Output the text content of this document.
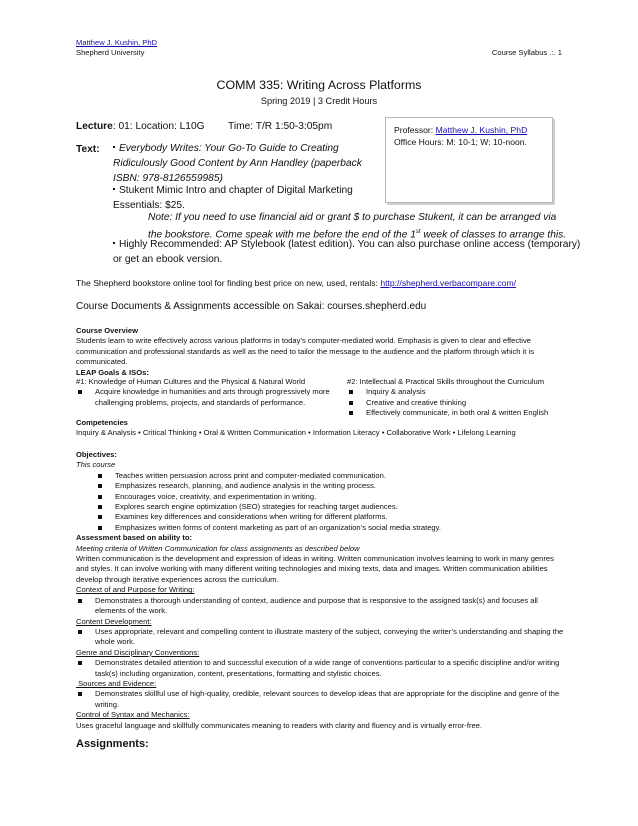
Matthew J. Kushin, PhD
Shepherd University	Course Syllabus .:. 1
COMM 335: Writing Across Platforms
Spring 2019 | 3 Credit Hours
Lecture: 01: Location: L10G Time: T/R 1:50-3:05pm	Professor: Matthew J. Kushin, PhD
Office Hours: M: 10-1; W: 10-noon.
Text:	Everybody Writes: Your Go-To Guide to Creating Ridiculously Good Content by Ann Handley (paperback ISBN: 978-8126559985)
Stukent Mimic Intro and chapter of Digital Marketing Essentials: $25.
Note: If you need to use financial aid or grant $ to purchase Stukent, it can be arranged via the bookstore. Come speak with me before the end of the 1st week of classes to arrange this.
Highly Recommended: AP Stylebook (latest edition). You can also purchase online access (temporary) or get an ebook version.
The Shepherd bookstore online tool for finding best price on new, used, rentals: http://shepherd.verbacompare.com/
Course Documents & Assignments accessible on Sakai: courses.shepherd.edu
Course Overview
Students learn to write effectively across various platforms in today’s computer-mediated world. Emphasis is given to clear and effective communication and professional standards as well as the need to tailor the message to the audience and the platform through which it is communicated.
LEAP Goals & ISOs:
#1: Knowledge of Human Cultures and the Physical & Natural World
Acquire knowledge in humanities and arts through progressively more challenging problems, projects, and standards of performance.
#2: Intellectual & Practical Skills throughout the Curriculum
Inquiry & analysis
Creative and creative thinking
Effectively communicate, in both oral & written English
Competencies
Inquiry & Analysis • Critical Thinking • Oral & Written Communication • Information Literacy • Collaborative Work • Lifelong Learning
Objectives:
This course
Teaches written persuasion across print and computer-mediated communication.
Emphasizes research, planning, and audience analysis in the writing process.
Encourages voice, creativity, and experimentation in writing.
Explores search engine optimization (SEO) strategies for reaching target audiences.
Examines key differences and considerations when writing for different platforms.
Emphasizes written forms of content marketing as part of an organization’s social media strategy.
Assessment based on ability to:
Meeting criteria of Written Communication for class assignments as described below
Written communication is the development and expression of ideas in writing. Written communication involves learning to work in many genres and styles. It can involve working with many different writing technologies and mixing texts, data and images. Written communication abilities develop through iterative experiences across the curriculum.
Context of and Purpose for Writing:
Demonstrates a thorough understanding of context, audience and purpose that is responsive to the assigned task(s) and focuses all elements of the work.
Content Development:
Uses appropriate, relevant and compelling content to illustrate mastery of the subject, conveying the writer’s understanding and shaping the whole work.
Genre and Disciplinary Conventions:
Demonstrates detailed attention to and successful execution of a wide range of conventions particular to a specific discipline and/or writing task(s) including organization, content, presentations, formatting and stylistic choices.
Sources and Evidence:
Demonstrates skillful use of high-quality, credible, relevant sources to develop ideas that are appropriate for the discipline and genre of the writing.
Control of Syntax and Mechanics:
Uses graceful language and skillfully communicates meaning to readers with clarity and fluency and is virtually error-free.
Assignments:
